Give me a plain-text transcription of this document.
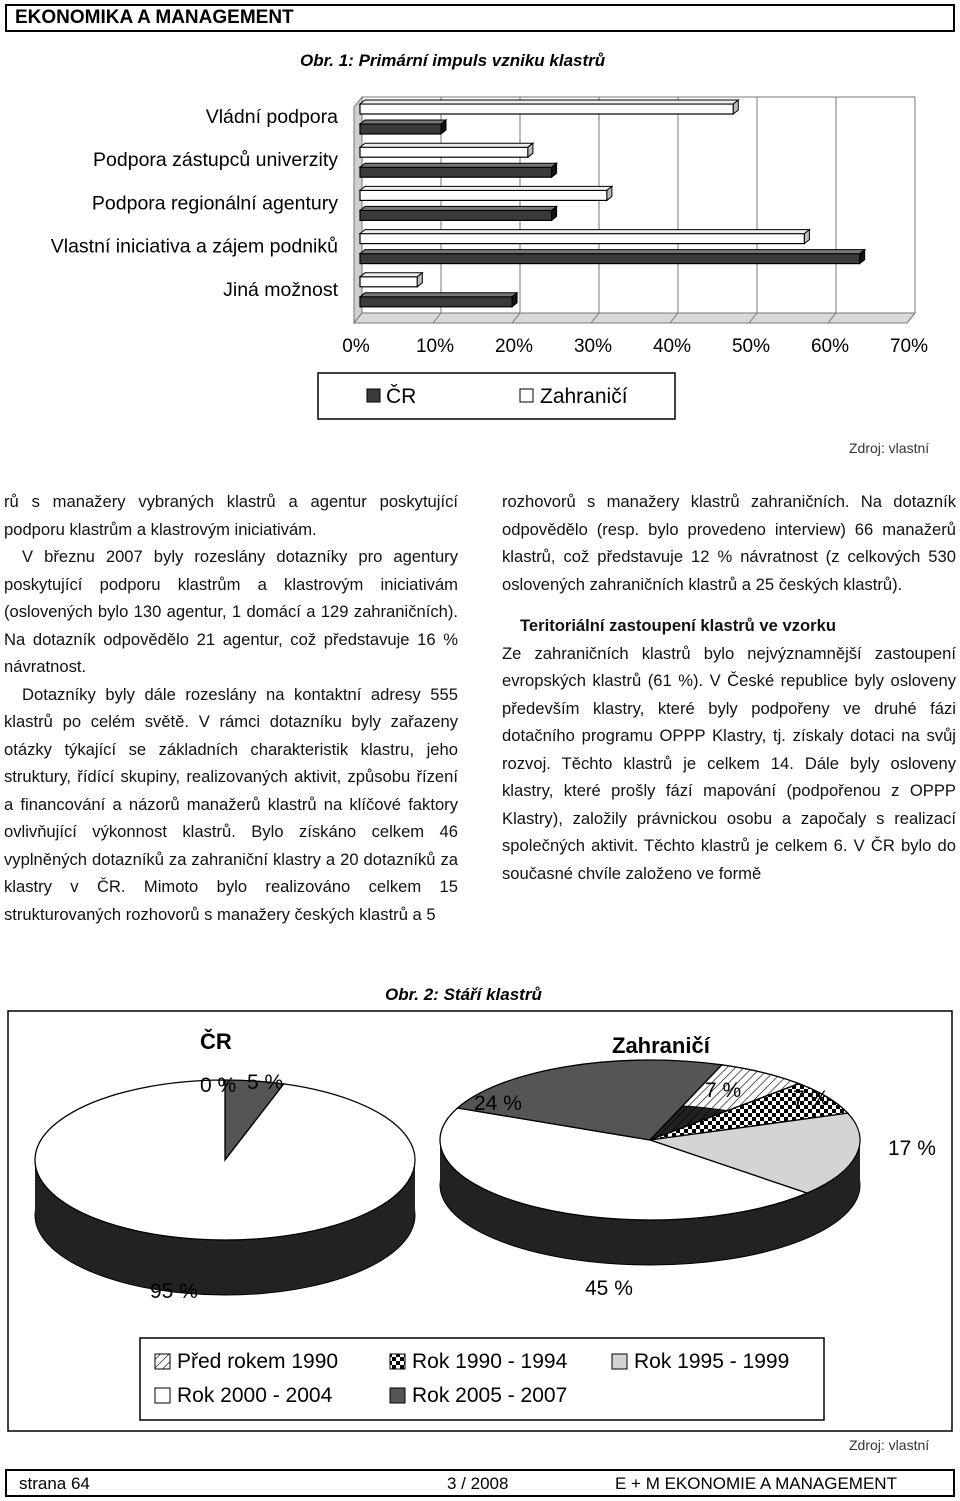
EKONOMIKA A MANAGEMENT
Obr. 1: Primární impuls vzniku klastrů
0% 10% 20% 30% 40% 50% 60% 70%
Vládní podpora
Podpora zástupců univerzity
Podpora regionální agentury
Vlastní iniciativa a zájem podniků
Jiná možnost
ČR	Zahraničí
Zdroj: vlastní

rů s manažery vybraných klastrů a agentur poskytující podporu klastrům a klastrovým iniciativám.

V březnu 2007 byly rozeslány dotazníky pro agentury poskytující podporu klastrům a klastrovým iniciativám (oslovených bylo 130 agentur, 1 domácí a 129 zahraničních). Na dotazník odpovědělo 21 agentur, což představuje 16 % návratnost.

Dotazníky byly dále rozeslány na kontaktní adresy 555 klastrů po celém světě. V rámci dotazníku byly zařazeny otázky týkající se základních charakteristik klastru, jeho struktury, řídící skupiny, realizovaných aktivit, způsobu řízení a financování a názorů manažerů klastrů na klíčové faktory ovlivňující výkonnost klastrů. Bylo získáno celkem 46 vyplněných dotazníků za zahraniční klastry a 20 dotazníků za klastry v ČR. Mimoto bylo realizováno celkem 15 strukturovaných rozhovorů s manažery českých klastrů a 5

rozhovorů s manažery klastrů zahraničních. Na dotazník odpovědělo (resp. bylo provedeno interview) 66 manažerů klastrů, což představuje 12 % návratnost (z celkových 530 oslovených zahraničních klastrů a 25 českých klastrů).

Teritoriální zastoupení klastrů ve vzorku

Ze zahraničních klastrů bylo nejvýznamnější zastoupení evropských klastrů (61 %). V České republice byly osloveny především klastry, které byly podpořeny ve druhé fázi dotačního programu OPPP Klastry, tj. získaly dotaci na svůj rozvoj. Těchto klastrů je celkem 14. Dále byly osloveny klastry, které prošly fází mapování (podpořenou z OPPP Klastry), založily právnickou osobu a započaly s realizací společných aktivit. Těchto klastrů je celkem 6. V ČR bylo do současné chvíle založeno ve formě

Obr. 2: Stáří klastrů
ČR	Zahraničí
0 % 5 %
95 %
7 % 7 %
17 %
45 %
24 %
Před rokem 1990	Rok 1990 - 1994	Rok 1995 - 1999
Rok 2000 - 2004	Rok 2005 - 2007
Zdroj: vlastní
strana 64	3 / 2008	E + M EKONOMIE A MANAGEMENT
